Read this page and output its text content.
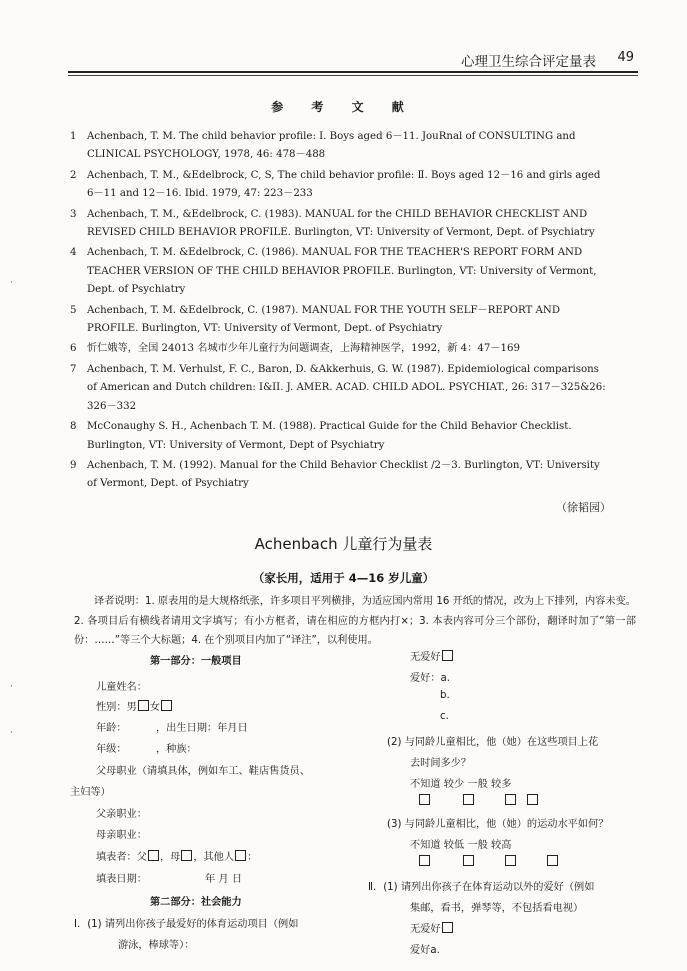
心理卫生综合评定量表 49
参 考 文 献
1 Achenbach, T. M. The child behavior profile: I. Boys aged 6－11. JouRnal of CONSULTING and
CLINICAL PSYCHOLOGY, 1978, 46: 478－488
2 Achenbach, T. M., &Edelbrock, C, S, The child behavior profile: Ⅱ. Boys aged 12－16 and girls aged
6－11 and 12－16. Ibid. 1979, 47: 223－233
3 Achenbach, T. M., &Edelbrock, C. (1983). MANUAL for the CHILD BEHAVIOR CHECKLIST AND
REVISED CHILD BEHAVIOR PROFILE. Burlington, VT: University of Vermont, Dept. of Psychiatry
4 Achenbach, T. M. &Edelbrock, C. (1986). MANUAL FOR THE TEACHER'S REPORT FORM AND
TEACHER VERSION OF THE CHILD BEHAVIOR PROFILE. Burlington, VT: University of Vermont,
Dept. of Psychiatry
5 Achenbach, T. M. &Edelbrock, C. (1987). MANUAL FOR THE YOUTH SELF－REPORT AND
PROFILE. Burlington, VT: University of Vermont, Dept. of Psychiatry
6 忻仁娥等，全国 24013 名城市少年儿童行为问题调查，上海精神医学，1992，新 4：47－169
7 Achenbach, T. M. Verhulst, F. C., Baron, D. &Akkerhuis, G. W. (1987). Epidemiological comparisons
of American and Dutch children: I&II. J. AMER. ACAD. CHILD ADOL. PSYCHIAT., 26: 317－325&26:
326－332
8 McConaughy S. H., Achenbach T. M. (1988). Practical Guide for the Child Behavior Checklist.
Burlington, VT: University of Vermont, Dept of Psychiatry
9 Achenbach, T. M. (1992). Manual for the Child Behavior Checklist /2－3. Burlington, VT: University
of Vermont, Dept. of Psychiatry
（徐韬园）
Achenbach 儿童行为量表
（家长用，适用于 4—16 岁儿童）
译者说明：1. 原表用的是大规格纸张，许多项目平列横排，为适应国内常用 16 开纸的情况，改为上下排列，内容未变。2. 各项目后有横线者请用文字填写；有小方框者，请在相应的方框内打×；3. 本表内容可分三个部份，翻译时加了“第一部份：……”等三个大标题；4. 在个别项目内加了“译注”，以利使用。
第一部分：一般项目
儿童姓名：
性别：男 女
年龄：	，出生日期：年月日
年级：	，种族：
父母职业（请填具体，例如车工、鞋店售货员、
主妇等）
父亲职业：
母亲职业：
填表者：父 ，母 ，其他人 ：
填表日期：	年 月 日
第二部分：社会能力
Ⅰ．(1) 请列出你孩子最爱好的体育运动项目（例如
游泳，棒球等）：
无爱好
爱好：a.
b.
c.
(2) 与同龄儿童相比，他（她）在这些项目上花
去时间多少？
不知道 较少 一般 较多
(3) 与同龄儿童相比，他（她）的运动水平如何？
不知道 较低 一般 较高
Ⅱ．(1) 请列出你孩子在体育运动以外的爱好（例如
集邮，看书，弹琴等，不包括看电视）
无爱好
爱好a.
·
·
·
